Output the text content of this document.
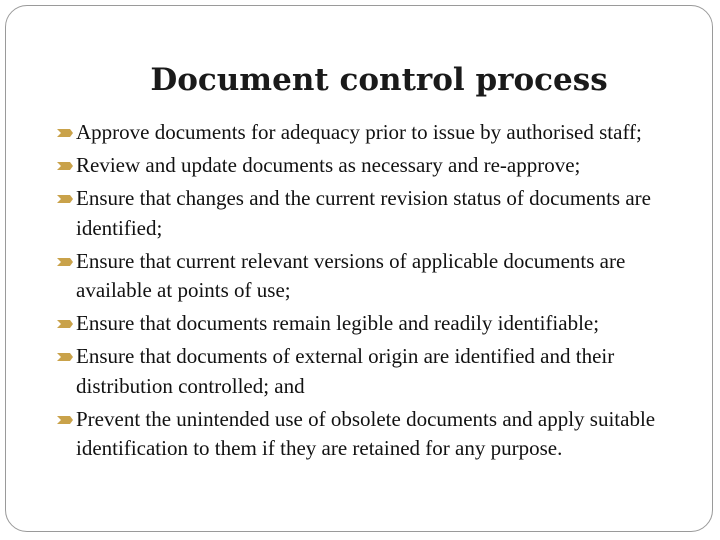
Document control process
Approve documents for adequacy prior to issue by authorised staff;
Review and update documents as necessary and re-approve;
Ensure that changes and the current revision status of documents are identified;
Ensure that current relevant versions of applicable documents are available at points of use;
Ensure that documents remain legible and readily identifiable;
Ensure that documents of external origin are identified and their distribution controlled; and
Prevent the unintended use of obsolete documents and apply suitable identification to them if they are retained for any purpose.
